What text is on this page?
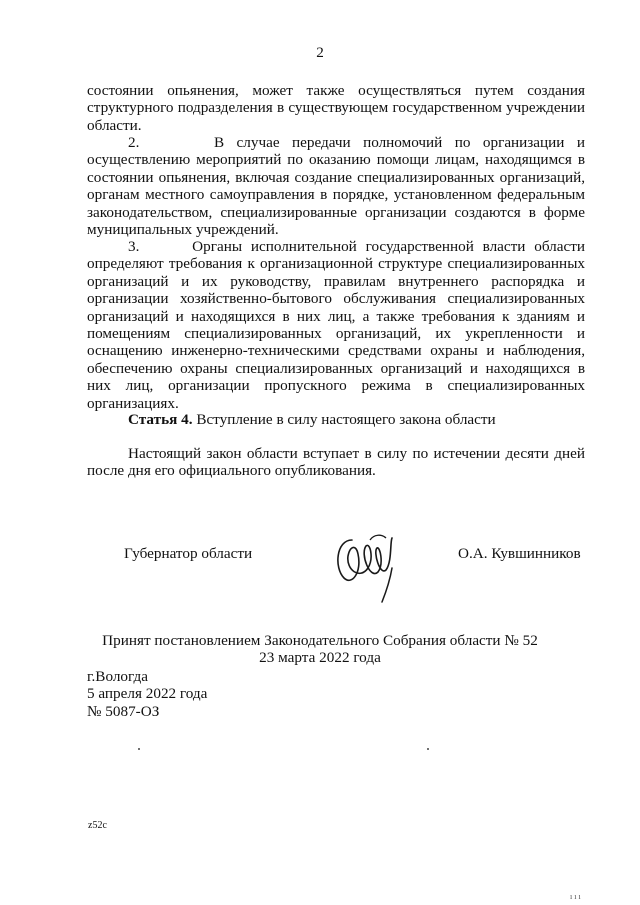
2

состоянии опьянения, может также осуществляться путем создания структурного подразделения в существующем государственном учреждении области.

2.      В случае передачи полномочий по организации и осуществлению мероприятий по оказанию помощи лицам, находящимся в состоянии опьянения, включая создание специализированных организаций, органам местного самоуправления в порядке, установленном федеральным законодательством, специализированные организации создаются в форме муниципальных учреждений.

3.      Органы исполнительной государственной власти области определяют требования к организационной структуре специализированных организаций и их руководству, правилам внутреннего распорядка и организации хозяйственно-бытового обслуживания специализированных организаций и находящихся в них лиц, а также требования к зданиям и помещениям специализированных организаций, их укрепленности и оснащению инженерно-техническими средствами охраны и наблюдения, обеспечению охраны специализированных организаций и находящихся в них лиц, организации пропускного режима в специализированных организациях.

Статья 4. Вступление в силу настоящего закона области

Настоящий закон области вступает в силу по истечении десяти дней после дня его официального опубликования.

Губернатор области	О.А. Кувшинников
Принят постановлением Законодательного Собрания области № 52
23 марта 2022 года
г.Вологда
5 апреля 2022 года
№ 5087-ОЗ
z52c
ı ı ı
